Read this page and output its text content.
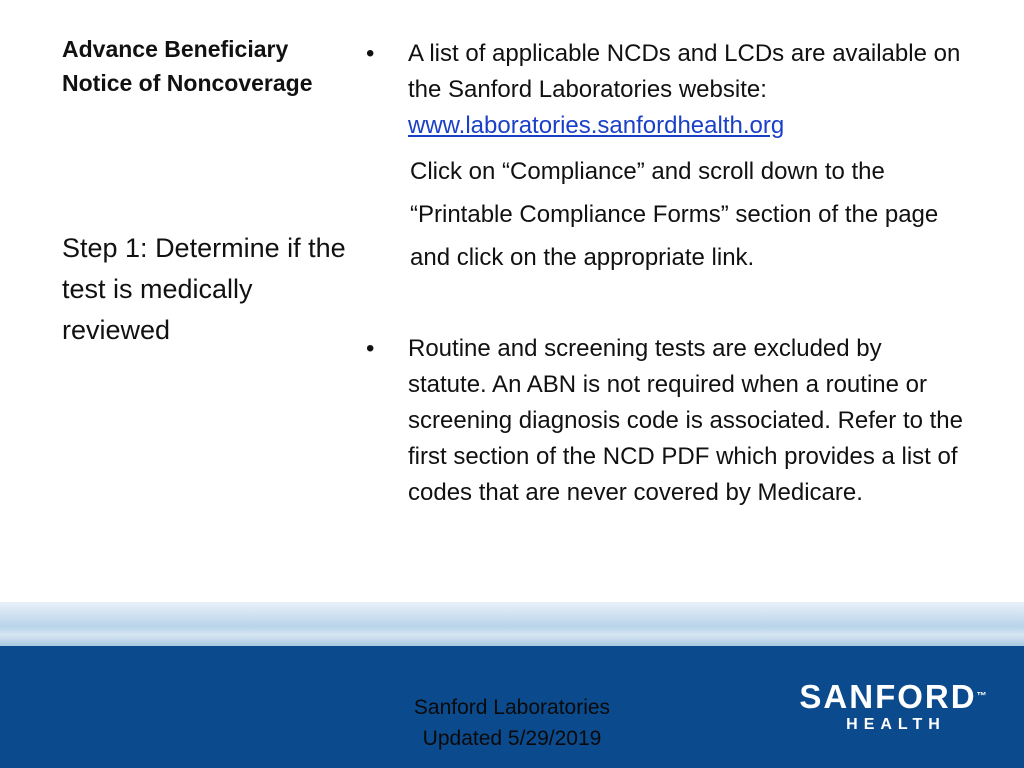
Advance Beneficiary Notice of Noncoverage
Step 1: Determine if the test is medically reviewed
•	A list of applicable NCDs and LCDs are available on the Sanford Laboratories website: www.laboratories.sanfordhealth.org
Click on “Compliance” and scroll down to the “Printable Compliance Forms” section of the page and click on the appropriate link.
•	Routine and screening tests are excluded by statute. An ABN is not required when a routine or screening diagnosis code is associated. Refer to the first section of the NCD PDF which provides a list of codes that are never covered by Medicare.
Sanford Laboratories
Updated 5/29/2019
SANFORD™
HEALTH
